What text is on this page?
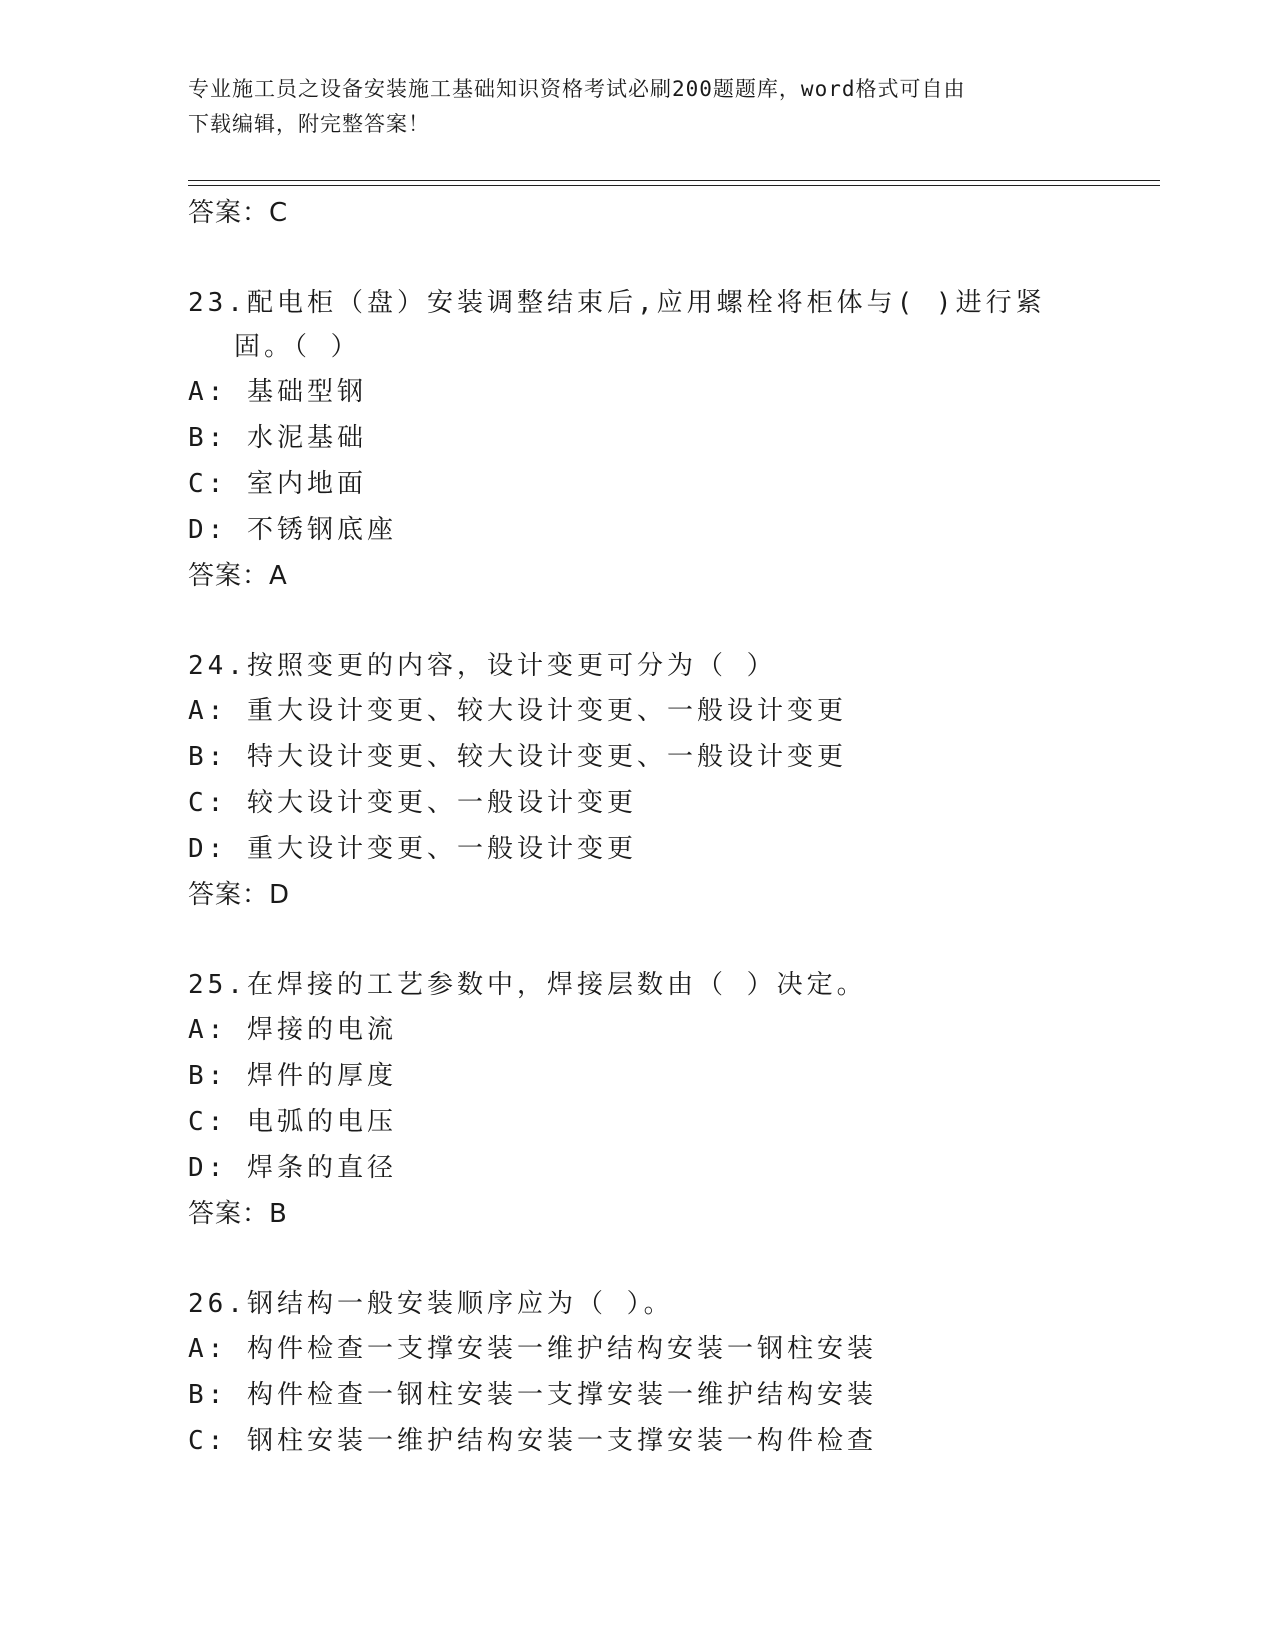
专业施工员之设备安装施工基础知识资格考试必刷200题题库，word格式可自由
下载编辑，附完整答案！
答案：C
23.配电柜（盘）安装调整结束后,应用螺栓将柜体与( )进行紧固。（ ）
A: 基础型钢
B: 水泥基础
C: 室内地面
D: 不锈钢底座
答案：A
24.按照变更的内容，设计变更可分为（ ）
A: 重大设计变更、较大设计变更、一般设计变更
B: 特大设计变更、较大设计变更、一般设计变更
C: 较大设计变更、一般设计变更
D: 重大设计变更、一般设计变更
答案：D
25.在焊接的工艺参数中，焊接层数由（ ）决定。
A: 焊接的电流
B: 焊件的厚度
C: 电弧的电压
D: 焊条的直径
答案：B
26.钢结构一般安装顺序应为（ ）。
A: 构件检查一支撑安装一维护结构安装一钢柱安装
B: 构件检查一钢柱安装一支撑安装一维护结构安装
C: 钢柱安装一维护结构安装一支撑安装一构件检查
